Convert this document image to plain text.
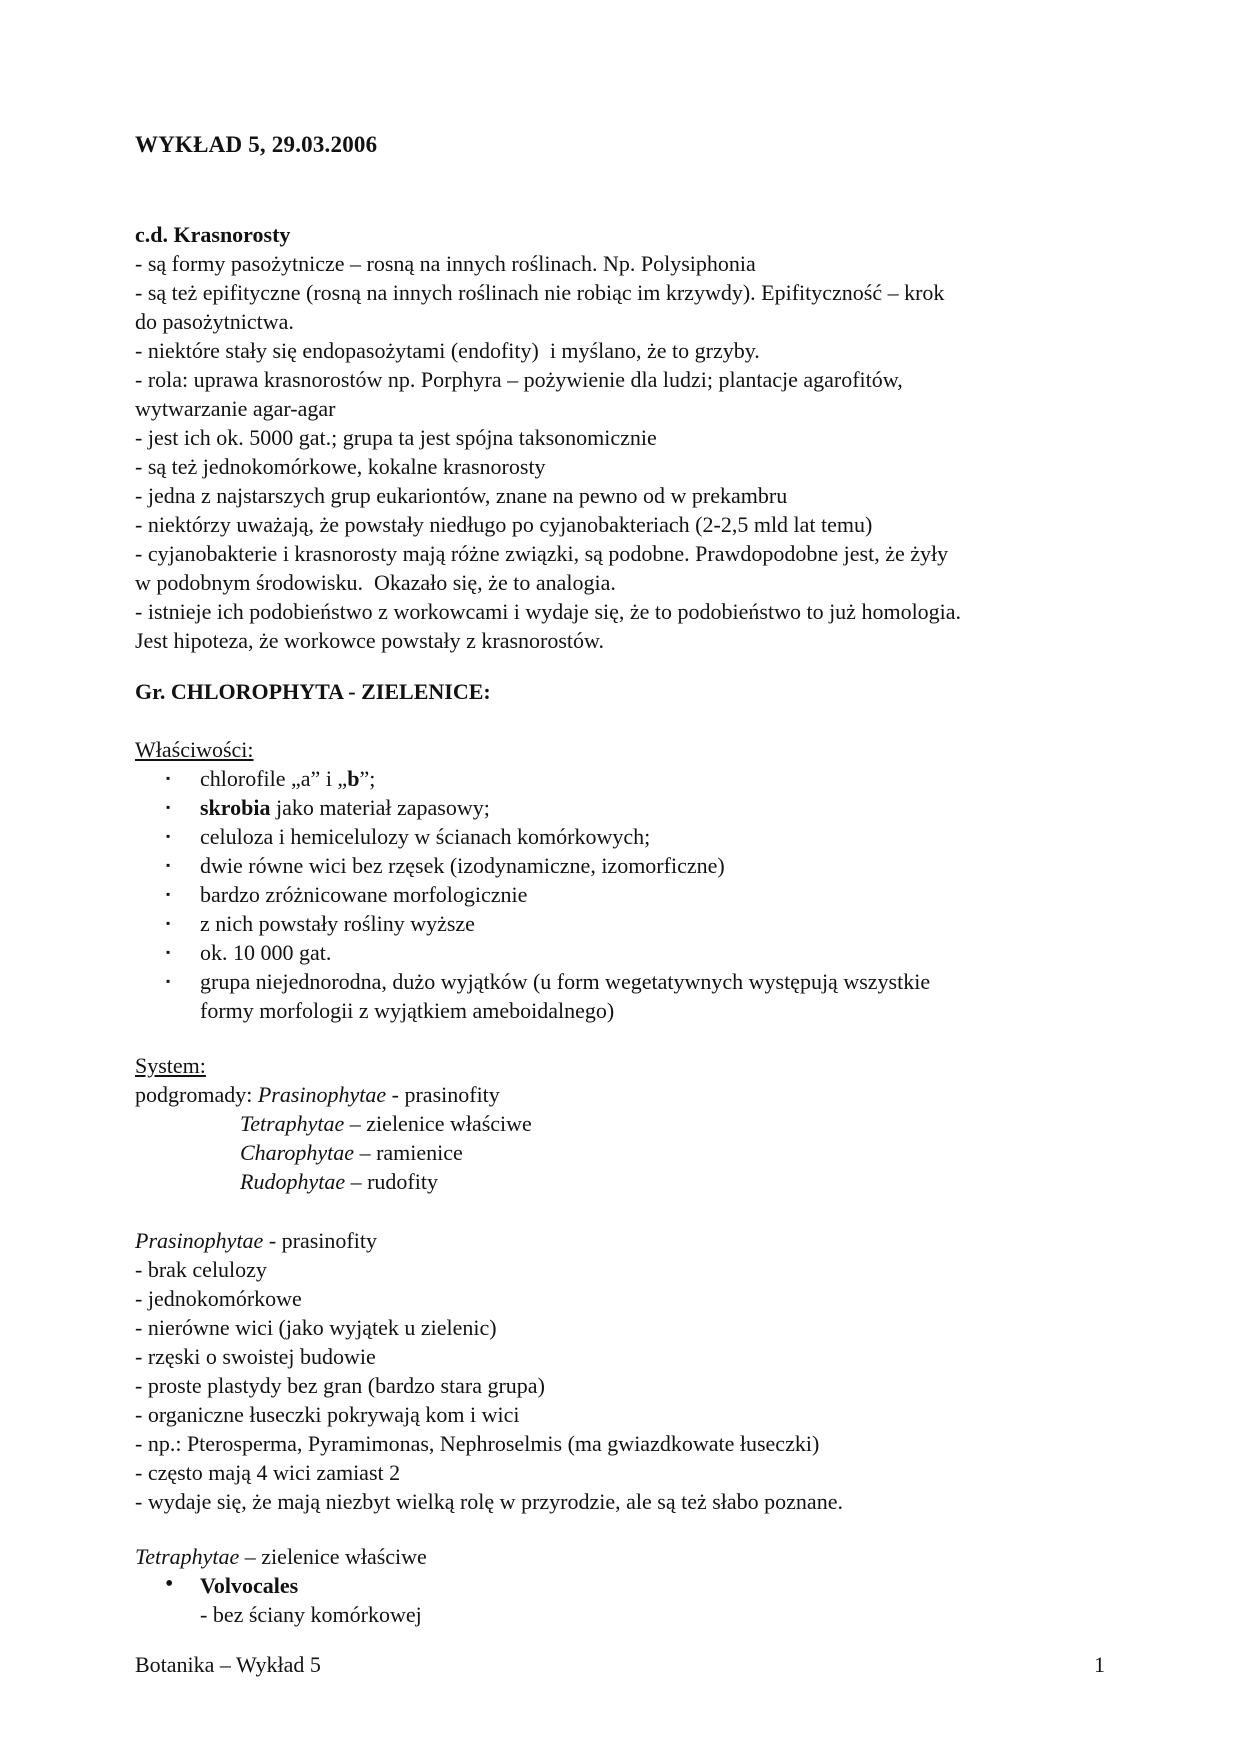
WYKŁAD 5, 29.03.2006
c.d. Krasnorosty
- są formy pasożytnicze – rosną na innych roślinach. Np. Polysiphonia
- są też epifityczne (rosną na innych roślinach nie robiąc im krzywdy). Epifityczność – krok
do pasożytnictwa.
- niektóre stały się endopasożytami (endofity)  i myślano, że to grzyby.
- rola: uprawa krasnorostów np. Porphyra – pożywienie dla ludzi; plantacje agarofitów,
wytwarzanie agar-agar
- jest ich ok. 5000 gat.; grupa ta jest spójna taksonomicznie
- są też jednokomórkowe, kokalne krasnorosty
- jedna z najstarszych grup eukariontów, znane na pewno od w prekambru
- niektórzy uważają, że powstały niedługo po cyjanobakteriach (2-2,5 mld lat temu)
- cyjanobakterie i krasnorosty mają różne związki, są podobne. Prawdopodobne jest, że żyły
w podobnym środowisku.  Okazało się, że to analogia.
- istnieje ich podobieństwo z workowcami i wydaje się, że to podobieństwo to już homologia.
Jest hipoteza, że workowce powstały z krasnorostów.
Gr. CHLOROPHYTA - ZIELENICE:
Właściwości:
▪ chlorofile „a” i „b”;
▪ skrobia jako materiał zapasowy;
▪ celuloza i hemicelulozy w ścianach komórkowych;
▪ dwie równe wici bez rzęsek (izodynamiczne, izomorficzne)
▪ bardzo zróżnicowane morfologicznie
▪ z nich powstały rośliny wyższe
▪ ok. 10 000 gat.
▪ grupa niejednorodna, dużo wyjątków (u form wegetatywnych występują wszystkie
formy morfologii z wyjątkiem ameboidalnego)
System:
podgromady: Prasinophytae - prasinofity
Tetraphytae – zielenice właściwe
Charophytae – ramienice
Rudophytae – rudofity
Prasinophytae - prasinofity
- brak celulozy
- jednokomórkowe
- nierówne wici (jako wyjątek u zielenic)
- rzęski o swoistej budowie
- proste plastydy bez gran (bardzo stara grupa)
- organiczne łuseczki pokrywają kom i wici
- np.: Pterosperma, Pyramimonas, Nephroselmis (ma gwiazdkowate łuseczki)
- często mają 4 wici zamiast 2
- wydaje się, że mają niezbyt wielką rolę w przyrodzie, ale są też słabo poznane.
Tetraphytae – zielenice właściwe
• Volvocales
- bez ściany komórkowej
Botanika – Wykład 5	1
